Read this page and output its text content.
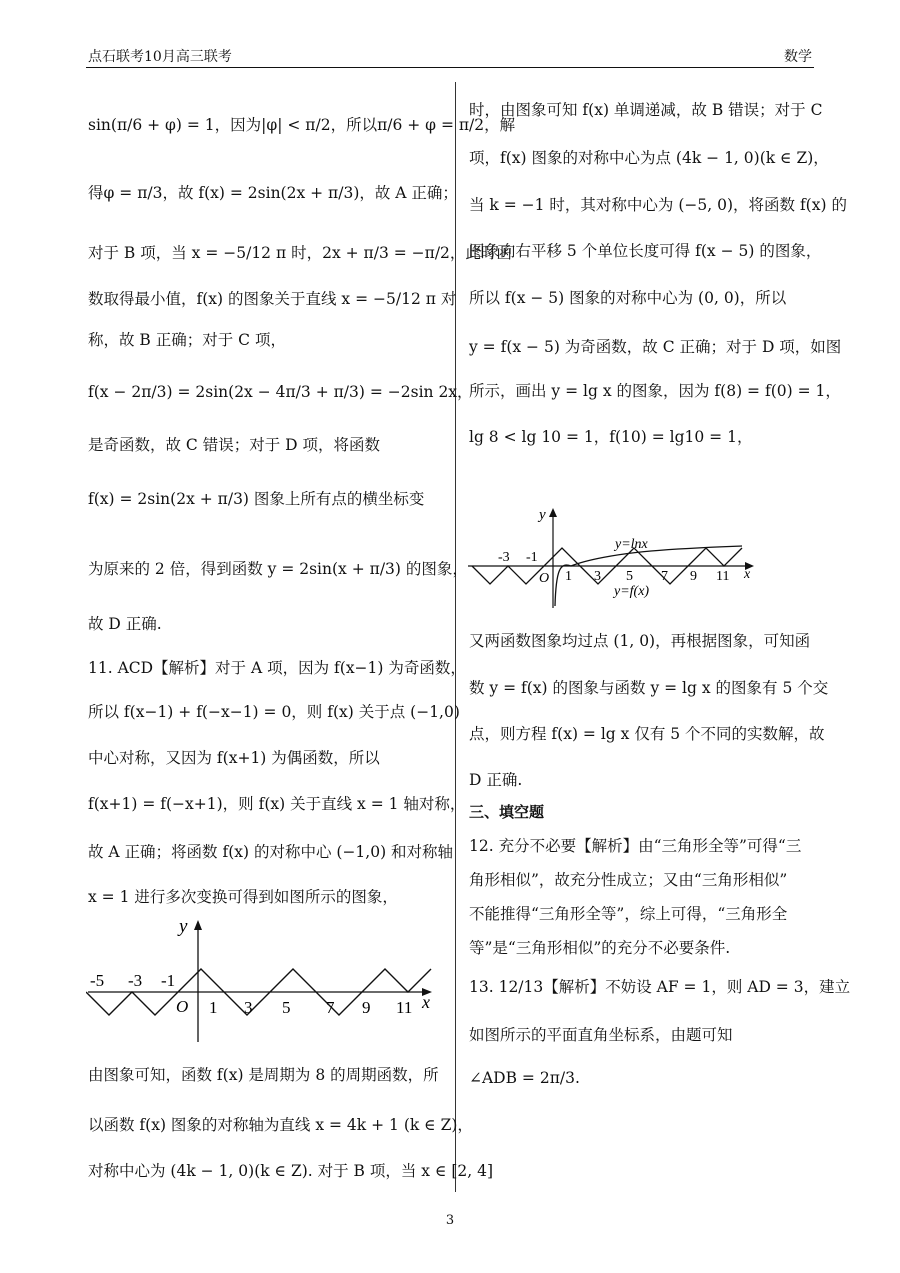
点石联考10月高三联考	数学
sin(π/6 + φ) = 1，因为|φ| < π/2，所以π/6 + φ = π/2，解
得φ = π/3，故 f(x) = 2sin(2x + π/3)，故 A 正确；
对于 B 项，当 x = −5/12 π 时，2x + π/3 = −π/2，此时函
数取得最小值，f(x) 的图象关于直线 x = −5/12 π 对
称，故 B 正确；对于 C 项，
f(x − 2π/3) = 2sin(2x − 4π/3 + π/3) = −2sin 2x，
是奇函数，故 C 错误；对于 D 项，将函数
f(x) = 2sin(2x + π/3) 图象上所有点的横坐标变
为原来的 2 倍，得到函数 y = 2sin(x + π/3) 的图象，
故 D 正确.
11. ACD【解析】对于 A 项，因为 f(x−1) 为奇函数，
所以 f(x−1) + f(−x−1) = 0，则 f(x) 关于点 (−1,0)
中心对称，又因为 f(x+1) 为偶函数，所以
f(x+1) = f(−x+1)，则 f(x) 关于直线 x = 1 轴对称，
故 A 正确；将函数 f(x) 的对称中心 (−1,0) 和对称轴
x = 1 进行多次变换可得到如图所示的图象，
由图象可知，函数 f(x) 是周期为 8 的周期函数，所
以函数 f(x) 图象的对称轴为直线 x = 4k + 1 (k ∈ Z)，
对称中心为 (4k − 1, 0)(k ∈ Z). 对于 B 项，当 x ∈ [2, 4]
y
O	x
-5 -3 -1
1 3 5 7 9 11
时，由图象可知 f(x) 单调递减，故 B 错误；对于 C
项，f(x) 图象的对称中心为点 (4k − 1, 0)(k ∈ Z)，
当 k = −1 时，其对称中心为 (−5, 0)，将函数 f(x) 的
图象向右平移 5 个单位长度可得 f(x − 5) 的图象，
所以 f(x − 5) 图象的对称中心为 (0, 0)，所以
y = f(x − 5) 为奇函数，故 C 正确；对于 D 项，如图
所示，画出 y = lg x 的图象，因为 f(8) = f(0) = 1，
lg 8 < lg 10 = 1，f(10) = lg10 = 1，
又两函数图象均过点 (1, 0)，再根据图象，可知函
数 y = f(x) 的图象与函数 y = lg x 的图象有 5 个交
点，则方程 f(x) = lg x 仅有 5 个不同的实数解，故
D 正确.
三、填空题
12. 充分不必要【解析】由“三角形全等”可得“三
角形相似”，故充分性成立；又由“三角形相似”
不能推得“三角形全等”，综上可得，“三角形全
等”是“三角形相似”的充分不必要条件.
13. 12/13【解析】不妨设 AF = 1，则 AD = 3，建立
如图所示的平面直角坐标系，由题可知
∠ADB = 2π/3.
y
O	x
y=lnx
y=f(x)
-3 -1
1 3 5 7 9 11
3
